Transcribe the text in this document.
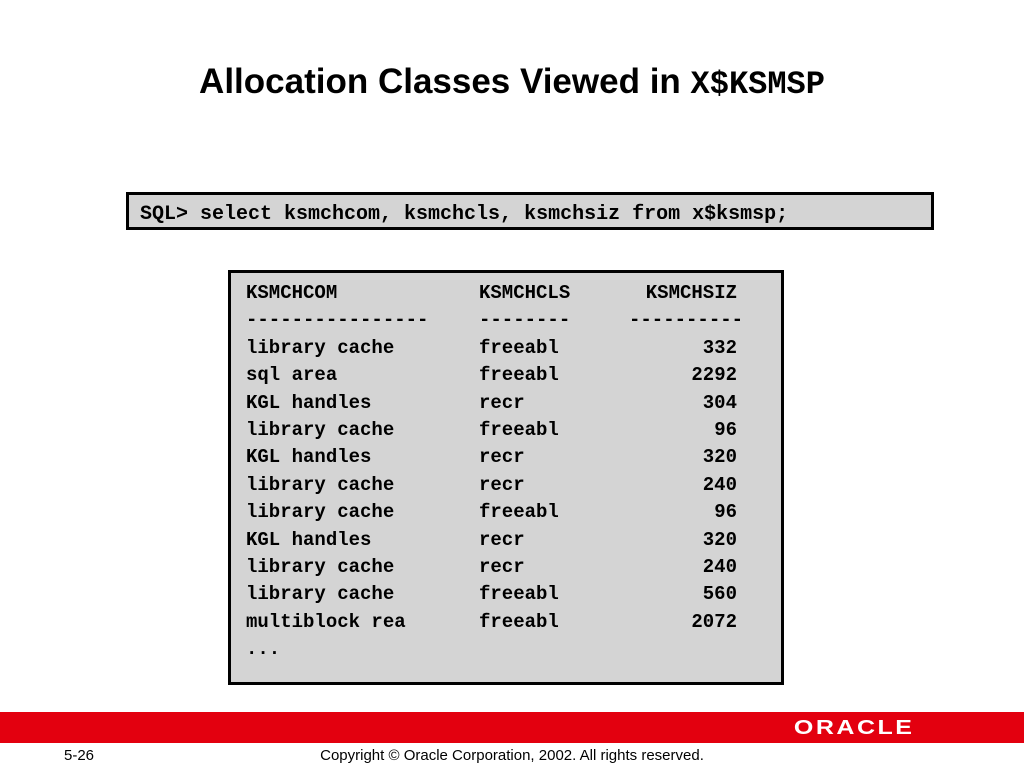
Allocation Classes Viewed in X$KSMSP
SQL> select ksmchcom, ksmchcls, ksmchsiz from x$ksmsp;
KSMCHCOM	KSMCHCLS	KSMCHSIZ
----------------	--------	----------
library cache	freeabl	332
sql area	freeabl	2292
KGL handles	recr	304
library cache	freeabl	96
KGL handles	recr	320
library cache	recr	240
library cache	freeabl	96
KGL handles	recr	320
library cache	recr	240
library cache	freeabl	560
multiblock rea	freeabl	2072
...
ORACLE
5-26	Copyright © Oracle Corporation, 2002. All rights reserved.
